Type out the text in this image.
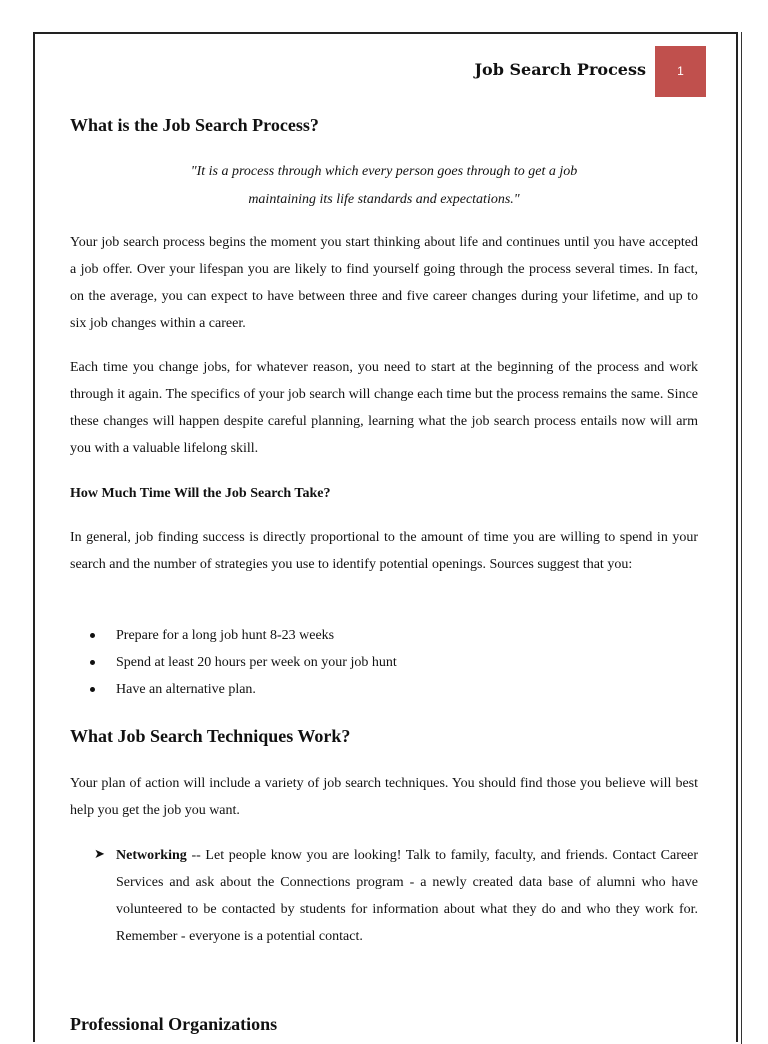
Job Search Process	1
What is the Job Search Process?
"It is a process through which every person goes through to get a job
maintaining its life standards and expectations."
Your job search process begins the moment you start thinking about life and continues until you have accepted a job offer. Over your lifespan you are likely to find yourself going through the process several times. In fact, on the average, you can expect to have between three and five career changes during your lifetime, and up to six job changes within a career.
Each time you change jobs, for whatever reason, you need to start at the beginning of the process and work through it again. The specifics of your job search will change each time but the process remains the same. Since these changes will happen despite careful planning, learning what the job search process entails now will arm you with a valuable lifelong skill.
How Much Time Will the Job Search Take?
In general, job finding success is directly proportional to the amount of time you are willing to spend in your search and the number of strategies you use to identify potential openings. Sources suggest that you:
Prepare for a long job hunt 8-23 weeks
Spend at least 20 hours per week on your job hunt
Have an alternative plan.
What Job Search Techniques Work?
Your plan of action will include a variety of job search techniques. You should find those you believe will best help you get the job you want.
➤ Networking -- Let people know you are looking! Talk to family, faculty, and friends. Contact Career Services and ask about the Connections program - a newly created data base of alumni who have volunteered to be contacted by students for information about what they do and who they work for. Remember - everyone is a potential contact.
Professional Organizations
